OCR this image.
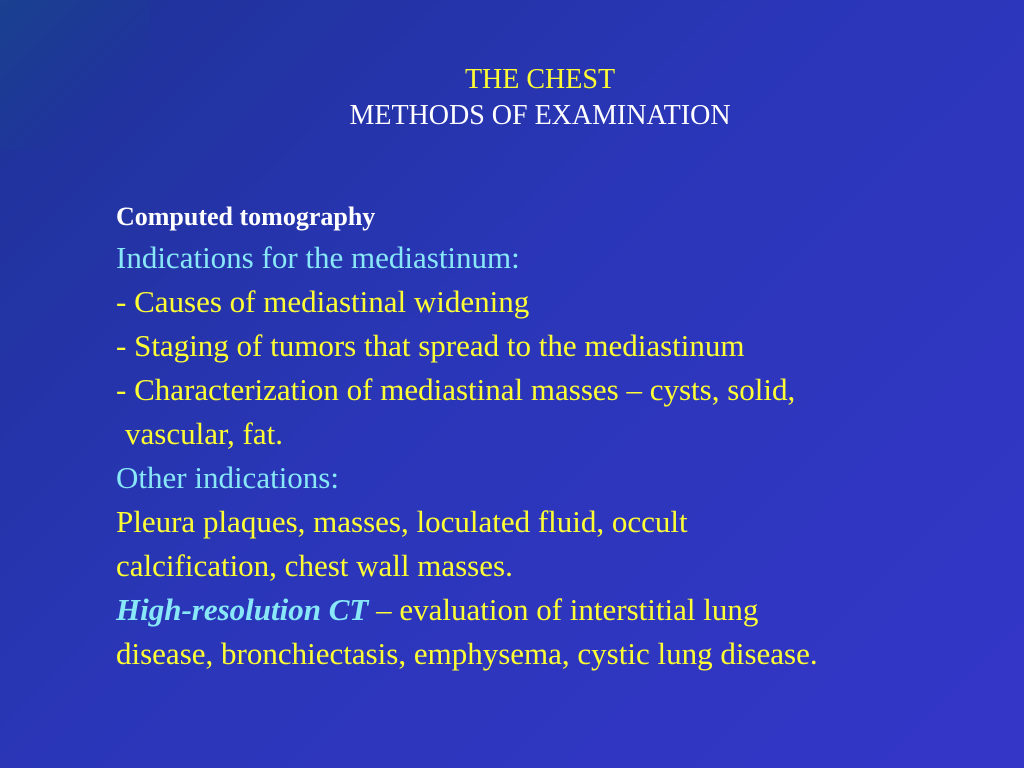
THE CHEST
METHODS OF EXAMINATION
Computed tomography
Indications for the mediastinum:
- Causes of mediastinal widening
- Staging of tumors that spread to the mediastinum
- Characterization of mediastinal masses – cysts, solid,
vascular, fat.
Other indications:
Pleura plaques, masses, loculated fluid, occult
calcification, chest wall masses.
High-resolution CT – evaluation of interstitial lung
disease, bronchiectasis, emphysema, cystic lung disease.
